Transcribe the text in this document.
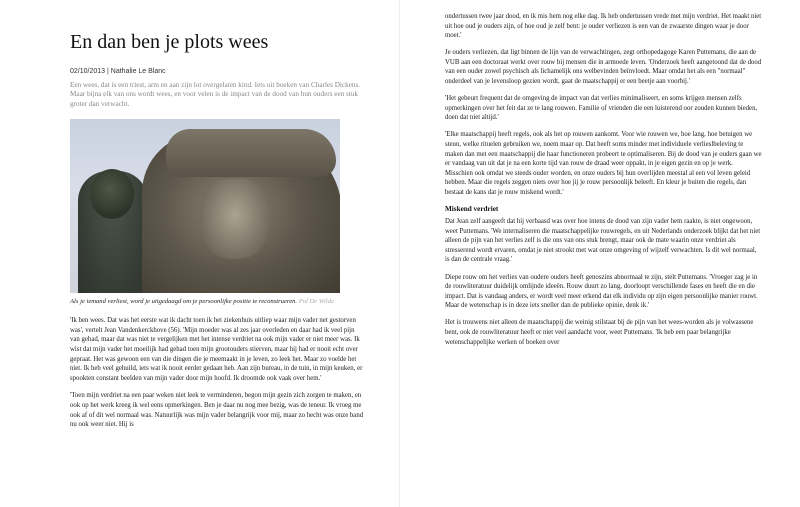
En dan ben je plots wees
02/10/2013 | Nathalie Le Blanc

Een wees, dat is een triest, arm en aan zijn lot overgelaten kind. Iets uit boeken van Charles Dickens. Maar bijna elk van ons wordt wees, en voor velen is de impact van de dood van hun ouders een stuk groter dan verwacht.

Als je iemand verliest, word je uitgedaagd om je persoonlijke positie te reconstrueren. Pol De Wilde

'Ik ben wees. Dat was het eerste wat ik dacht toen ik het ziekenhuis uitliep waar mijn vader net gestorven was', vertelt Jean Vandenkerckhove (56). 'Mijn moeder was al zes jaar overleden en daar had ik veel pijn van gehad, maar dat was niet te vergelijken met het intense verdriet na ook mijn vader er niet meer was. Ik wist dat mijn vader het moeilijk had gehad toen mijn grootouders stierven, maar hij had er nooit echt over gepraat. Het was gewoon een van die dingen die je meemaakt in je leven, zo leek het. Maar zo voelde het niet. Ik heb veel gehuild, iets wat ik nooit eerder gedaan heb. Aan zijn bureau, in de tuin, in mijn keuken, er spookten constant beelden van mijn vader door mijn hoofd. Ik droomde ook vaak over hem.'

'Toen mijn verdriet na een paar weken niet leek te verminderen, begon mijn gezin zich zorgen te maken, en ook op het werk kreeg ik wel eens opmerkingen. Ben je daar nu nog mee bezig, was de teneur. Ik vroeg me ook af of dit wel normaal was. Natuurlijk was mijn vader belangrijk voor mij, maar zo hecht was onze band nu ook weer niet. Hij is

ondertussen twee jaar dood, en ik mis hem nog elke dag. Ik heb ondertussen vrede met mijn verdriet. Het maakt niet uit hoe oud je ouders zijn, of hoe oud je zelf bent: je ouder verliezen is een van de zwaarste dingen waar je door moet.'

Je ouders verliezen, dat ligt binnen de lijn van de verwachtingen, zegt orthopedagoge Karen Puttemans, die aan de VUB aan een doctoraat werkt over rouw bij mensen die in armoede leven. 'Onderzoek heeft aangetoond dat de dood van een ouder zowel psychisch als lichamelijk ons welbevinden beïnvloedt. Maar omdat het als een "normaal" onderdeel van je levensloop gezien wordt, gaat de maatschappij er een beetje aan voorbij.'

'Het gebeurt frequent dat de omgeving de impact van dat verlies minimaliseert, en soms krijgen mensen zelfs opmerkingen over het feit dat ze te lang rouwen. Familie of vrienden die een luisterend oor zouden kunnen bieden, doen dat niet altijd.'

'Elke maatschappij heeft regels, ook als het op rouwen aankomt. Voor wie rouwen we, hoe lang, hoe betuigen we steun, welke rituelen gebruiken we, noem maar op. Dat heeft soms minder met individuele verlieslbeleving te maken dan met een maatschappij die haar functioneren probeert te optimaliseren. Bij de dood van je ouders gaan we er vandaag van uit dat je na een korte tijd van rouw de draad weer oppakt, in je eigen gezin en op je werk. Misschien ook omdat we steeds ouder worden, en onze ouders bij hun overlijden meestal al een vol leven geleid hebben. Maar die regels zeggen niets over hoe jij je rouw persoonlijk beleeft. En kleur je buiten die regels, dan bestaat de kans dat je rouw miskend wordt.'

Miskend verdriet

Dat Jean zelf aangeeft dat hij verbaasd was over hoe intens de dood van zijn vader hem raakte, is niet ongewoon, weet Puttemans. 'We internaliseren die maatschappelijke rouwregels, en uit Nederlands onderzoek blijkt dat het niet alleen de pijn van het verlies zelf is die ons van ons stuk brengt, maar ook de mate waarin onze verdriet als stresserend wordt ervaren, omdat je niet strookt met wat onze omgeving of wijzelf verwachten. Is dit wel normaal, is dan de centrale vraag.'

Diepe rouw om het verlies van oudere ouders heeft genoszins abnormaal te zijn, stelt Puttemans. 'Vroeger zag je in de rouwliteratuur duidelijk omlijnde ideeën. Rouw duurt zo lang, doorloopt verschillende fases en heeft die en die impact. Dat is vandaag anders, er wordt veel meer erkend dat elk individu op zijn eigen persoonlijke manier rouwt. Maar de wetenschap is in deze iets sneller dan de publieke opinie, denk ik.'

Het is trouwens niet alleen de maatschappij die weinig stilstaat bij de pijn van het wees-worden als je volwassene bent, ook de rouwliteratuur heeft er niet veel aandacht voor, weet Puttemans. 'Ik heb een paar belangrijke wetenschappelijke werken of boeken over
